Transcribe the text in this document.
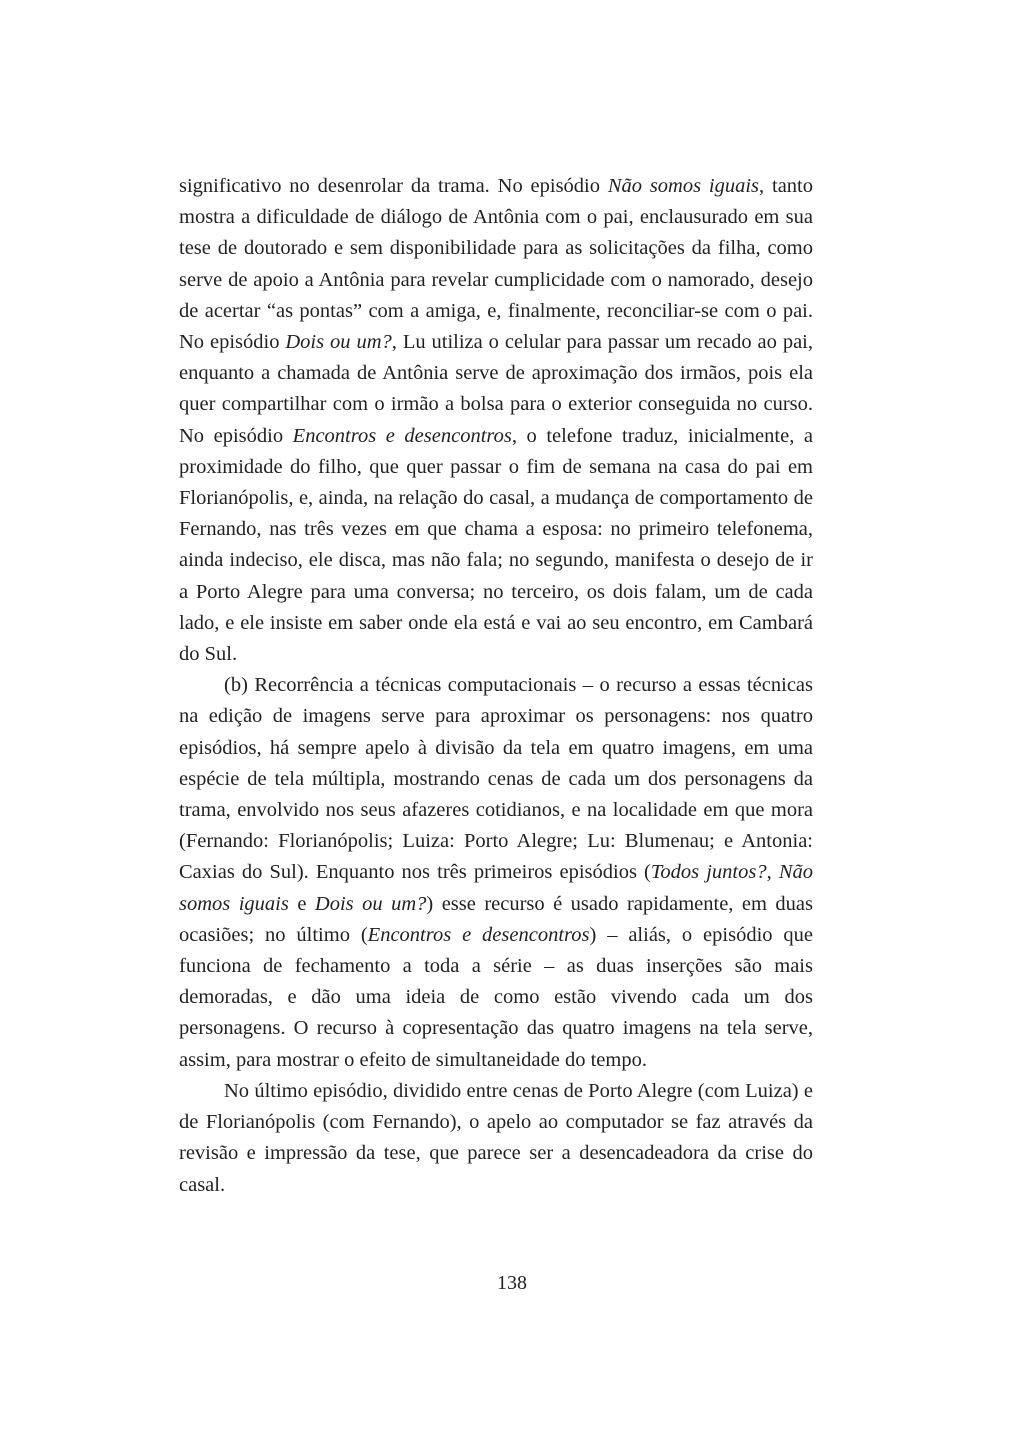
significativo no desenrolar da trama. No episódio Não somos iguais, tanto mostra a dificuldade de diálogo de Antônia com o pai, enclausurado em sua tese de doutorado e sem disponibilidade para as solicitações da filha, como serve de apoio a Antônia para revelar cumplicidade com o namorado, desejo de acertar “as pontas” com a amiga, e, finalmente, reconciliar-se com o pai. No episódio Dois ou um?, Lu utiliza o celular para passar um recado ao pai, enquanto a chamada de Antônia serve de aproximação dos irmãos, pois ela quer compartilhar com o irmão a bolsa para o exterior conseguida no curso. No episódio Encontros e desencontros, o telefone traduz, inicialmente, a proximidade do filho, que quer passar o fim de semana na casa do pai em Florianópolis, e, ainda, na relação do casal, a mudança de comportamento de Fernando, nas três vezes em que chama a esposa: no primeiro telefonema, ainda indeciso, ele disca, mas não fala; no segundo, manifesta o desejo de ir a Porto Alegre para uma conversa; no terceiro, os dois falam, um de cada lado, e ele insiste em saber onde ela está e vai ao seu encontro, em Cambará do Sul.

(b) Recorrência a técnicas computacionais – o recurso a essas técnicas na edição de imagens serve para aproximar os personagens: nos quatro episódios, há sempre apelo à divisão da tela em quatro imagens, em uma espécie de tela múltipla, mostrando cenas de cada um dos personagens da trama, envolvido nos seus afazeres cotidianos, e na localidade em que mora (Fernando: Florianópolis; Luiza: Porto Alegre; Lu: Blumenau; e Antonia: Caxias do Sul). Enquanto nos três primeiros episódios (Todos juntos?, Não somos iguais e Dois ou um?) esse recurso é usado rapidamente, em duas ocasiões; no último (Encontros e desencontros) – aliás, o episódio que funciona de fechamento a toda a série – as duas inserções são mais demoradas, e dão uma ideia de como estão vivendo cada um dos personagens. O recurso à copresentação das quatro imagens na tela serve, assim, para mostrar o efeito de simultaneidade do tempo.

No último episódio, dividido entre cenas de Porto Alegre (com Luiza) e de Florianópolis (com Fernando), o apelo ao computador se faz através da revisão e impressão da tese, que parece ser a desencadeadora da crise do casal.

138
